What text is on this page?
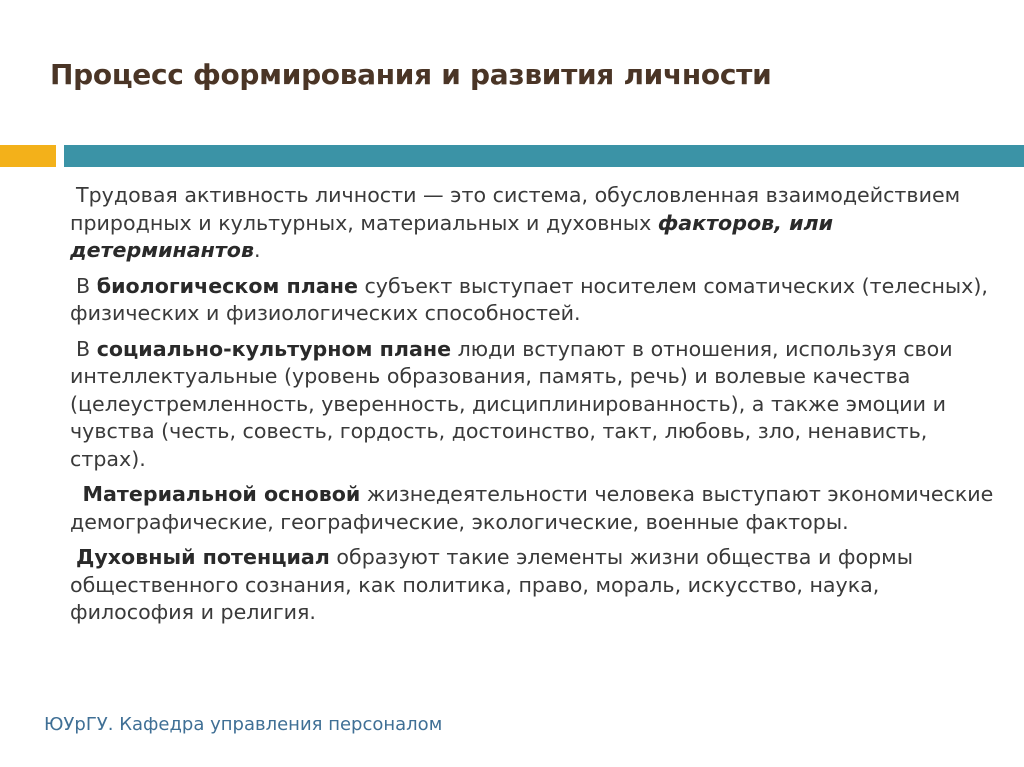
Процесс формирования и развития личности

Трудовая активность личности — это система, обусловленная взаимодействием природных и культурных, материальных и духовных факторов, или детерминантов.

В биологическом плане субъект выступает носителем соматических (телесных), физических и физиологических способностей.

В социально-культурном плане люди вступают в отношения, используя свои интеллектуальные (уровень образования, память, речь) и волевые качества (целеустремленность, уверенность, дисциплинированность), а также эмоции и чувства (честь, совесть, гордость, достоинство, такт, любовь, зло, ненависть, страх).

Материальной основой жизнедеятельности человека выступают экономические демографические, географические, экологические, военные факторы.

Духовный потенциал образуют такие элементы жизни общества и формы общественного сознания, как политика, право, мораль, искусство, наука, философия и религия.

ЮУрГУ. Кафедра управления персоналом
